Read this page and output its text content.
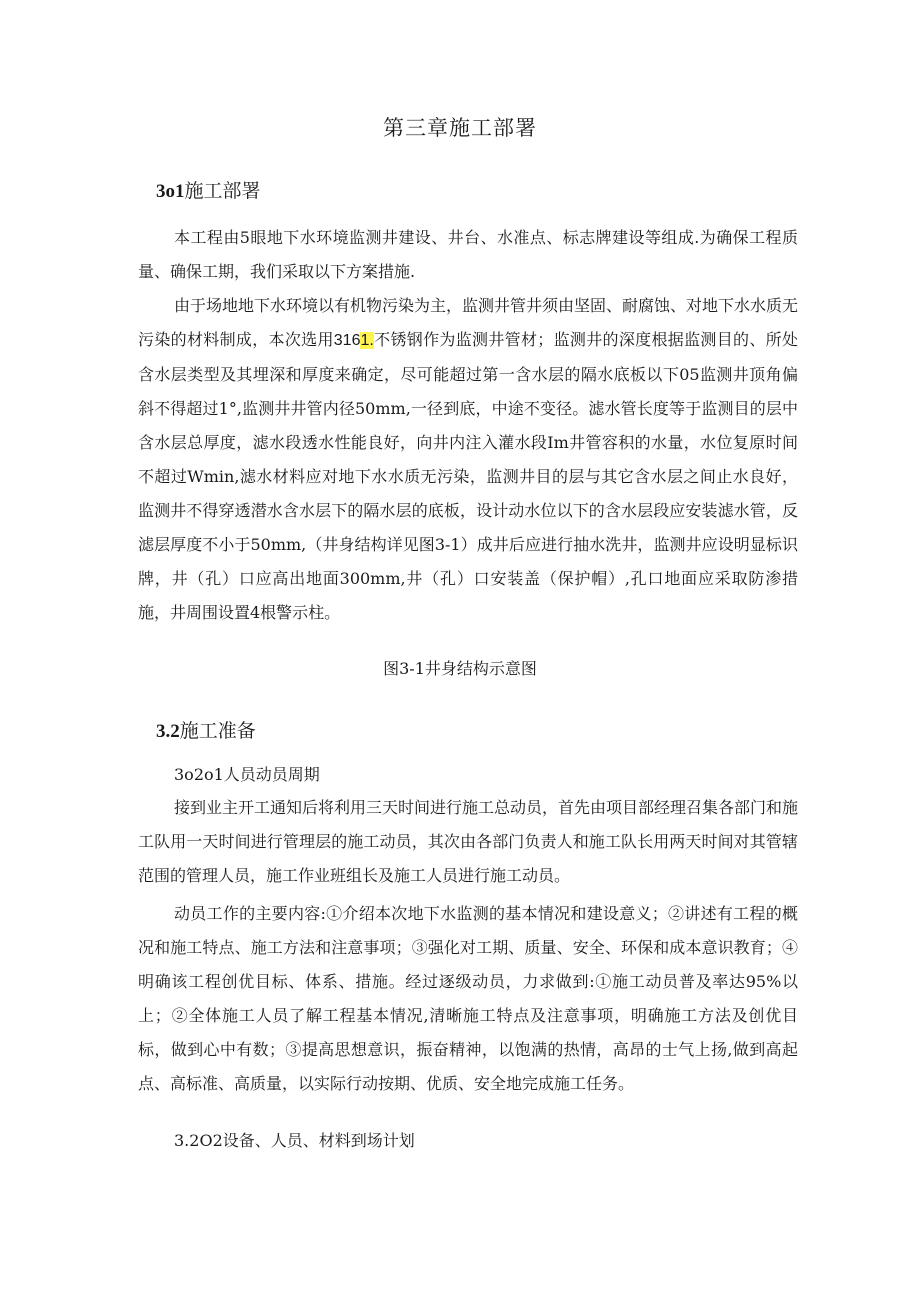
第三章施工部署
3o1施工部署

本工程由5眼地下水环境监测井建设、井台、水准点、标志牌建设等组成.为确保工程质量、确保工期，我们采取以下方案措施.

由于场地地下水环境以有机物污染为主，监测井管井须由坚固、耐腐蚀、对地下水水质无污染的材料制成，本次选用3161.不锈钢作为监测井管材；监测井的深度根据监测目的、所处含水层类型及其埋深和厚度来确定，尽可能超过第一含水层的隔水底板以下05监测井顶角偏斜不得超过1°,监测井井管内径50mm,一径到底，中途不变径。滤水管长度等于监测目的层中含水层总厚度，滤水段透水性能良好，向井内注入灌水段Im井管容积的水量，水位复原时间不超过Wmin,滤水材料应对地下水水质无污染，监测井目的层与其它含水层之间止水良好，监测井不得穿透潜水含水层下的隔水层的底板，设计动水位以下的含水层段应安装滤水管，反滤层厚度不小于50mm,（井身结构详见图3-1）成井后应进行抽水洗井，监测井应设明显标识牌，井（孔）口应高出地面300mm,井（孔）口安装盖（保护帽）,孔口地面应采取防渗措施，井周围设置4根警示柱。

图3-1井身结构示意图
3.2施工准备
3o2o1人员动员周期

接到业主开工通知后将利用三天时间进行施工总动员，首先由项目部经理召集各部门和施工队用一天时间进行管理层的施工动员，其次由各部门负责人和施工队长用两天时间对其管辖范围的管理人员，施工作业班组长及施工人员进行施工动员。

动员工作的主要内容:①介绍本次地下水监测的基本情况和建设意义；②讲述有工程的概况和施工特点、施工方法和注意事项；③强化对工期、质量、安全、环保和成本意识教育；④明确该工程创优目标、体系、措施。经过逐级动员，力求做到:①施工动员普及率达95%以上；②全体施工人员了解工程基本情况,清晰施工特点及注意事项，明确施工方法及创优目标，做到心中有数；③提高思想意识，振奋精神，以饱满的热情，高昂的士气上扬,做到高起点、高标准、高质量，以实际行动按期、优质、安全地完成施工任务。

3.2O2设备、人员、材料到场计划
